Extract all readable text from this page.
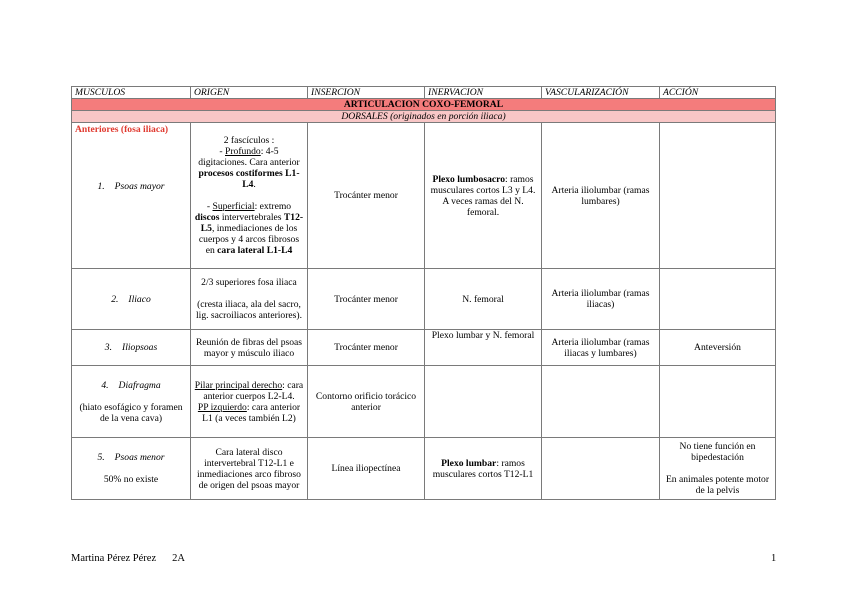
MUSCULOS	ORIGEN	INSERCION	INERVACION	VASCULARIZACIÓN	ACCIÓN
ARTICULACION COXO-FEMORAL					
DORSALES (originados en porción iliaca)					

Anteriores (fosa iliaca)
1. Psoas mayor	2 fascículos :
- Profundo: 4-5 digitaciones. Cara anterior procesos costiformes L1-L4.

- Superficial: extremo discos intervertebrales T12-L5, inmediaciones de los cuerpos y 4 arcos fibrosos en cara lateral L1-L4	Trocánter menor	Plexo lumbosacro: ramos musculares cortos L3 y L4. A veces ramas del N. femoral.	Arteria iliolumbar (ramas lumbares)	
2. Iliaco	2/3 superiores fosa iliaca

(cresta iliaca, ala del sacro, lig. sacroiliacos anteriores).	Trocánter menor	N. femoral	Arteria iliolumbar (ramas iliacas)	
3. Iliopsoas	Reunión de fibras del psoas mayor y músculo iliaco	Trocánter menor	Plexo lumbar y N. femoral	Arteria iliolumbar (ramas iliacas y lumbares)	Anteversión
4. Diafragma

(hiato esofágico y foramen de la vena cava)	Pilar principal derecho: cara anterior cuerpos L2-L4.
PP izquierdo: cara anterior L1 (a veces también L2)	Contorno orificio torácico anterior			
5. Psoas menor

50% no existe	Cara lateral disco intervertebral T12-L1 e inmediaciones arco fibroso de origen del psoas mayor	Línea iliopectínea	Plexo lumbar: ramos musculares cortos T12-L1		No tiene función en bipedestación

En animales potente motor de la pelvis
Martina Pérez Pérez 2A	1
